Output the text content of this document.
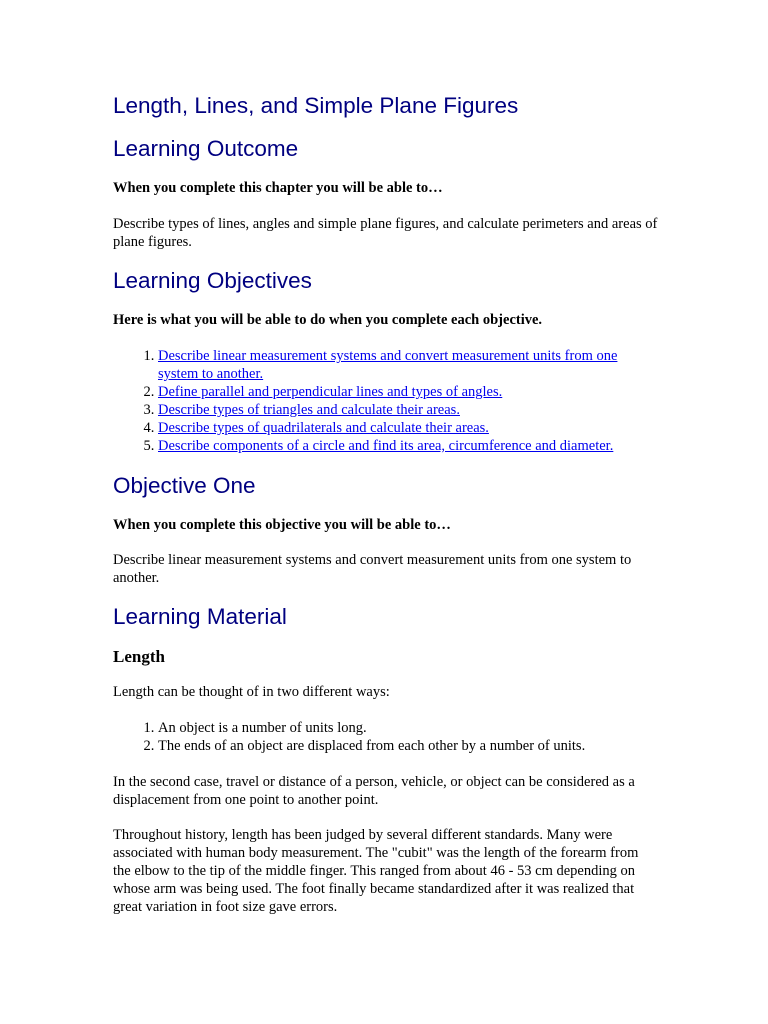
Length, Lines, and Simple Plane Figures
Learning Outcome

When you complete this chapter you will be able to…

Describe types of lines, angles and simple plane figures, and calculate perimeters and areas of plane figures.

Learning Objectives

Here is what you will be able to do when you complete each objective.

1. Describe linear measurement systems and convert measurement units from one system to another.
2. Define parallel and perpendicular lines and types of angles.
3. Describe types of triangles and calculate their areas.
4. Describe types of quadrilaterals and calculate their areas.
5. Describe components of a circle and find its area, circumference and diameter.
Objective One

When you complete this objective you will be able to…

Describe linear measurement systems and convert measurement units from one system to another.

Learning Material
Length

Length can be thought of in two different ways:

1. An object is a number of units long.
2. The ends of an object are displaced from each other by a number of units.

In the second case, travel or distance of a person, vehicle, or object can be considered as a displacement from one point to another point.

Throughout history, length has been judged by several different standards. Many were associated with human body measurement. The "cubit" was the length of the forearm from the elbow to the tip of the middle finger. This ranged from about 46 - 53 cm depending on whose arm was being used. The foot finally became standardized after it was realized that great variation in foot size gave errors.
